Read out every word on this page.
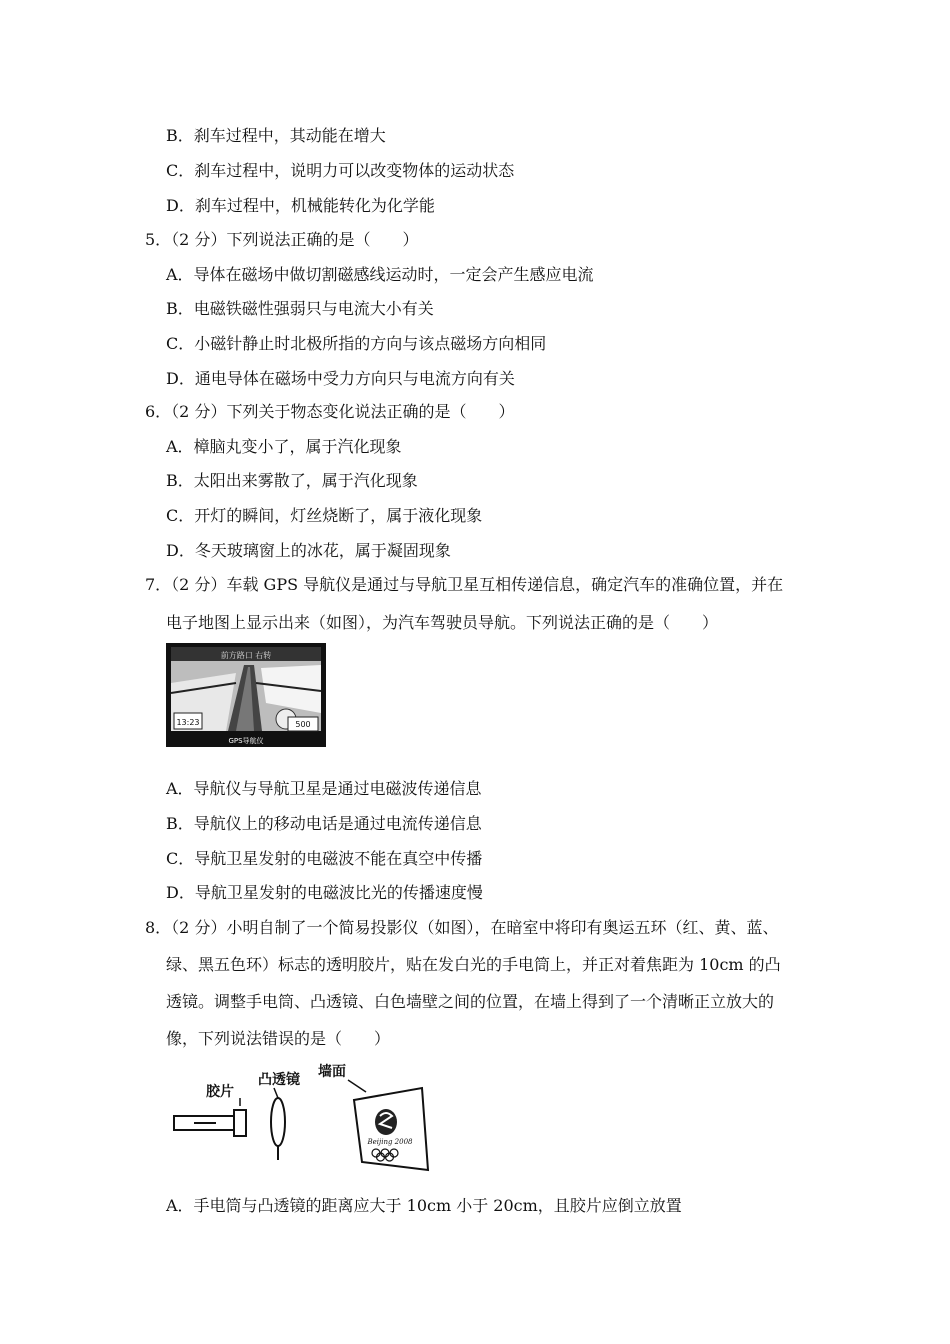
B．刹车过程中，其动能在增大
C．刹车过程中，说明力可以改变物体的运动状态
D．刹车过程中，机械能转化为化学能
5．（2 分）下列说法正确的是（　　）
A．导体在磁场中做切割磁感线运动时，一定会产生感应电流
B．电磁铁磁性强弱只与电流大小有关
C．小磁针静止时北极所指的方向与该点磁场方向相同
D．通电导体在磁场中受力方向只与电流方向有关
6．（2 分）下列关于物态变化说法正确的是（　　）
A．樟脑丸变小了，属于汽化现象
B．太阳出来雾散了，属于汽化现象
C．开灯的瞬间，灯丝烧断了，属于液化现象
D．冬天玻璃窗上的冰花，属于凝固现象
7．（2 分）车载 GPS 导航仪是通过与导航卫星互相传递信息，确定汽车的准确位置，并在
电子地图上显示出来（如图），为汽车驾驶员导航。下列说法正确的是（　　）
前方路口 右转
13:23	500
GPS导航仪
A．导航仪与导航卫星是通过电磁波传递信息
B．导航仪上的移动电话是通过电流传递信息
C．导航卫星发射的电磁波不能在真空中传播
D．导航卫星发射的电磁波比光的传播速度慢
8．（2 分）小明自制了一个简易投影仪（如图），在暗室中将印有奥运五环（红、黄、蓝、
绿、黑五色环）标志的透明胶片，贴在发白光的手电筒上，并正对着焦距为 10cm 的凸
透镜。调整手电筒、凸透镜、白色墙壁之间的位置，在墙上得到了一个清晰正立放大的
像，下列说法错误的是（　　）
胶片
凸透镜 墙面
Beijing 2008
A．手电筒与凸透镜的距离应大于 10cm 小于 20cm，且胶片应倒立放置
